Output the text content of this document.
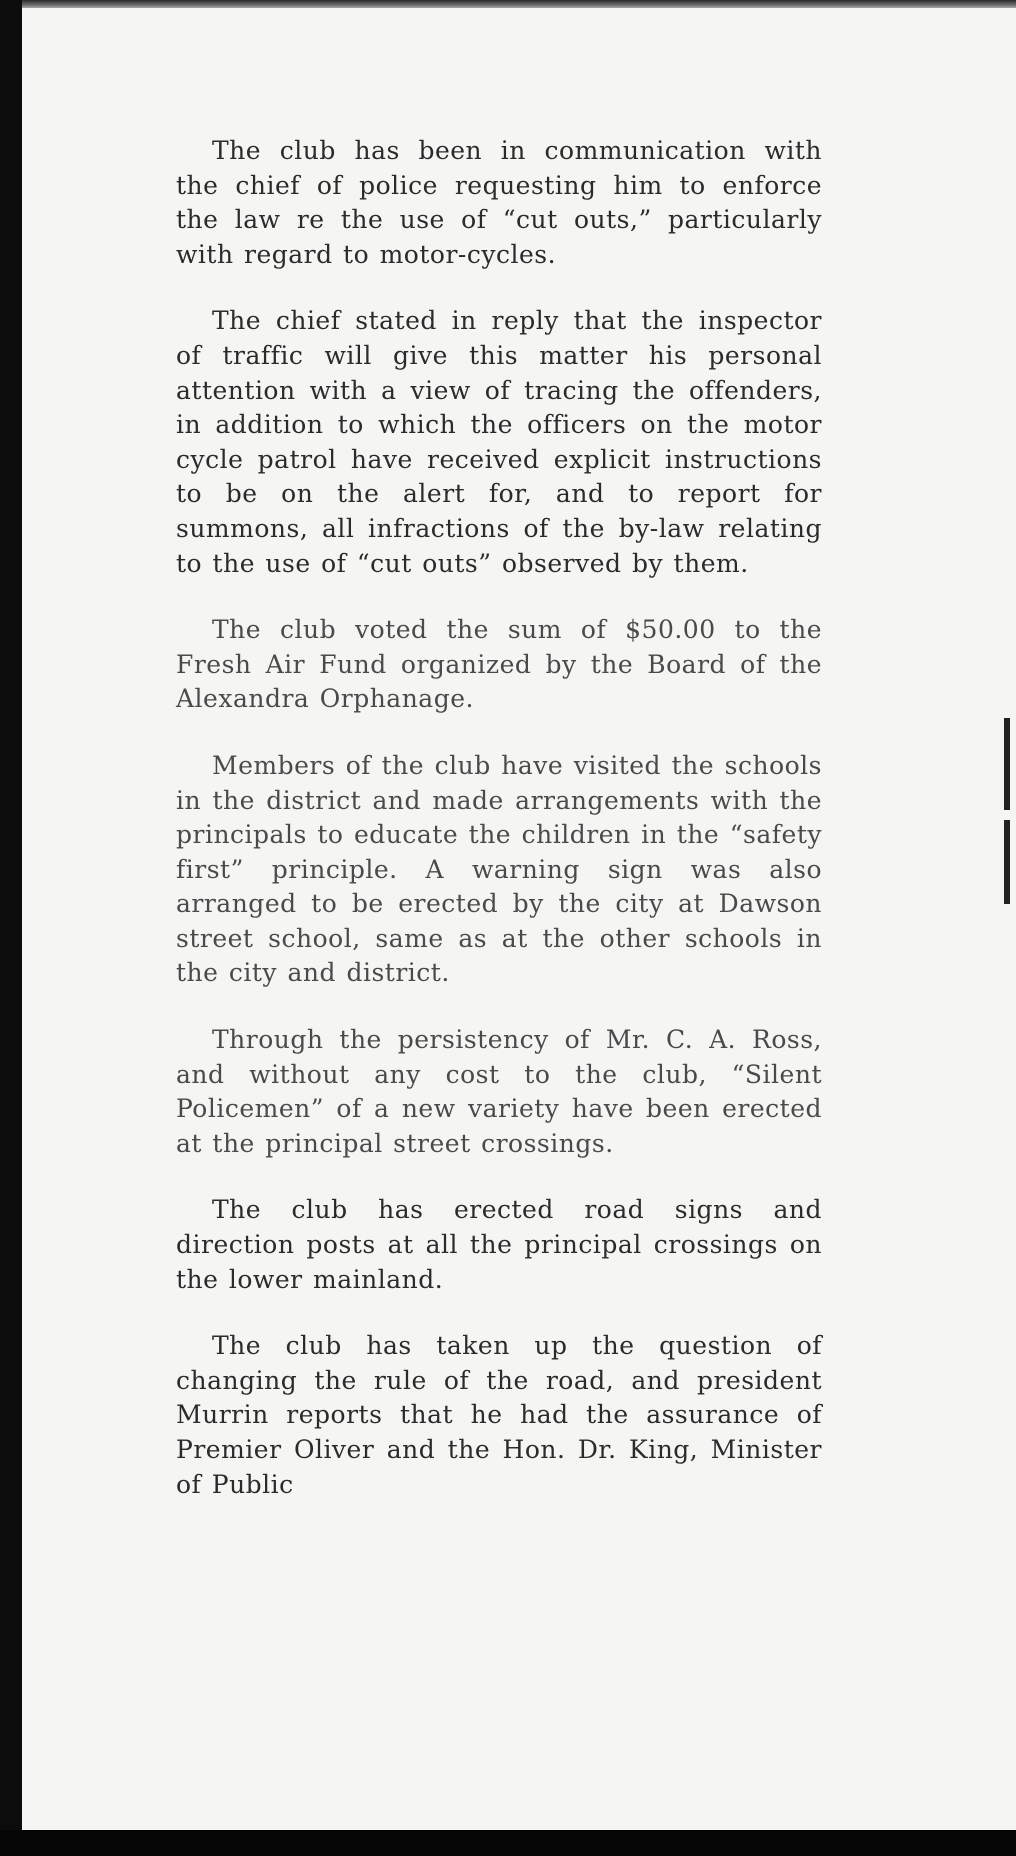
The club has been in communication with the chief of police requesting him to enforce the law re the use of “cut outs,” particularly with regard to motor-cycles.

The chief stated in reply that the inspector of traffic will give this matter his personal attention with a view of tracing the offenders, in addition to which the officers on the motor cycle patrol have received explicit instructions to be on the alert for, and to report for summons, all infractions of the by-law relating to the use of “cut outs” observed by them.

The club voted the sum of $50.00 to the Fresh Air Fund organized by the Board of the Alexandra Orphanage.

Members of the club have visited the schools in the district and made arrangements with the principals to educate the children in the “safety first” principle. A warning sign was also arranged to be erected by the city at Dawson street school, same as at the other schools in the city and district.

Through the persistency of Mr. C. A. Ross, and without any cost to the club, “Silent Policemen” of a new variety have been erected at the principal street crossings.

The club has erected road signs and direction posts at all the principal crossings on the lower mainland.

The club has taken up the question of changing the rule of the road, and president Murrin reports that he had the assurance of Premier Oliver and the Hon. Dr. King, Minister of Public
